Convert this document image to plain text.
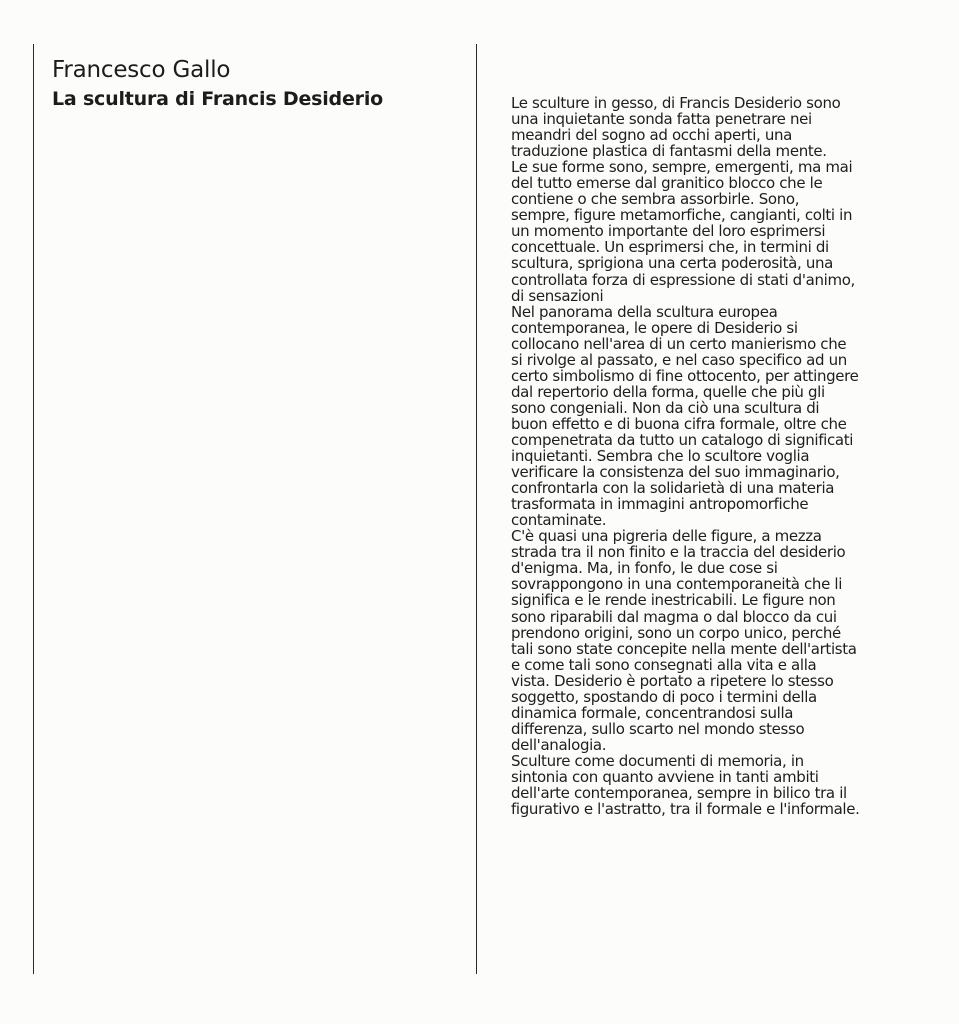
Francesco Gallo
La scultura di Francis Desiderio	Le sculture in gesso, di Francis Desiderio sono
una inquietante sonda fatta penetrare nei
meandri del sogno ad occhi aperti, una
traduzione plastica di fantasmi della mente.
Le sue forme sono, sempre, emergenti, ma mai
del tutto emerse dal granitico blocco che le
contiene o che sembra assorbirle. Sono,
sempre, figure metamorfiche, cangianti, colti in
un momento importante del loro esprimersi
concettuale. Un esprimersi che, in termini di
scultura, sprigiona una certa poderosità, una
controllata forza di espressione di stati d'animo,
di sensazioni
Nel panorama della scultura europea
contemporanea, le opere di Desiderio si
collocano nell'area di un certo manierismo che
si rivolge al passato, e nel caso specifico ad un
certo simbolismo di fine ottocento, per attingere
dal repertorio della forma, quelle che più gli
sono congeniali. Non da ciò una scultura di
buon effetto e di buona cifra formale, oltre che
compenetrata da tutto un catalogo di significati
inquietanti. Sembra che lo scultore voglia
verificare la consistenza del suo immaginario,
confrontarla con la solidarietà di una materia
trasformata in immagini antropomorfiche
contaminate.
C'è quasi una pigreria delle figure, a mezza
strada tra il non finito e la traccia del desiderio
d'enigma. Ma, in fonfo, le due cose si
sovrappongono in una contemporaneità che li
significa e le rende inestricabili. Le figure non
sono riparabili dal magma o dal blocco da cui
prendono origini, sono un corpo unico, perché
tali sono state concepite nella mente dell'artista
e come tali sono consegnati alla vita e alla
vista. Desiderio è portato a ripetere lo stesso
soggetto, spostando di poco i termini della
dinamica formale, concentrandosi sulla
differenza, sullo scarto nel mondo stesso
dell'analogia.
Sculture come documenti di memoria, in
sintonia con quanto avviene in tanti ambiti
dell'arte contemporanea, sempre in bilico tra il
figurativo e l'astratto, tra il formale e l'informale.
